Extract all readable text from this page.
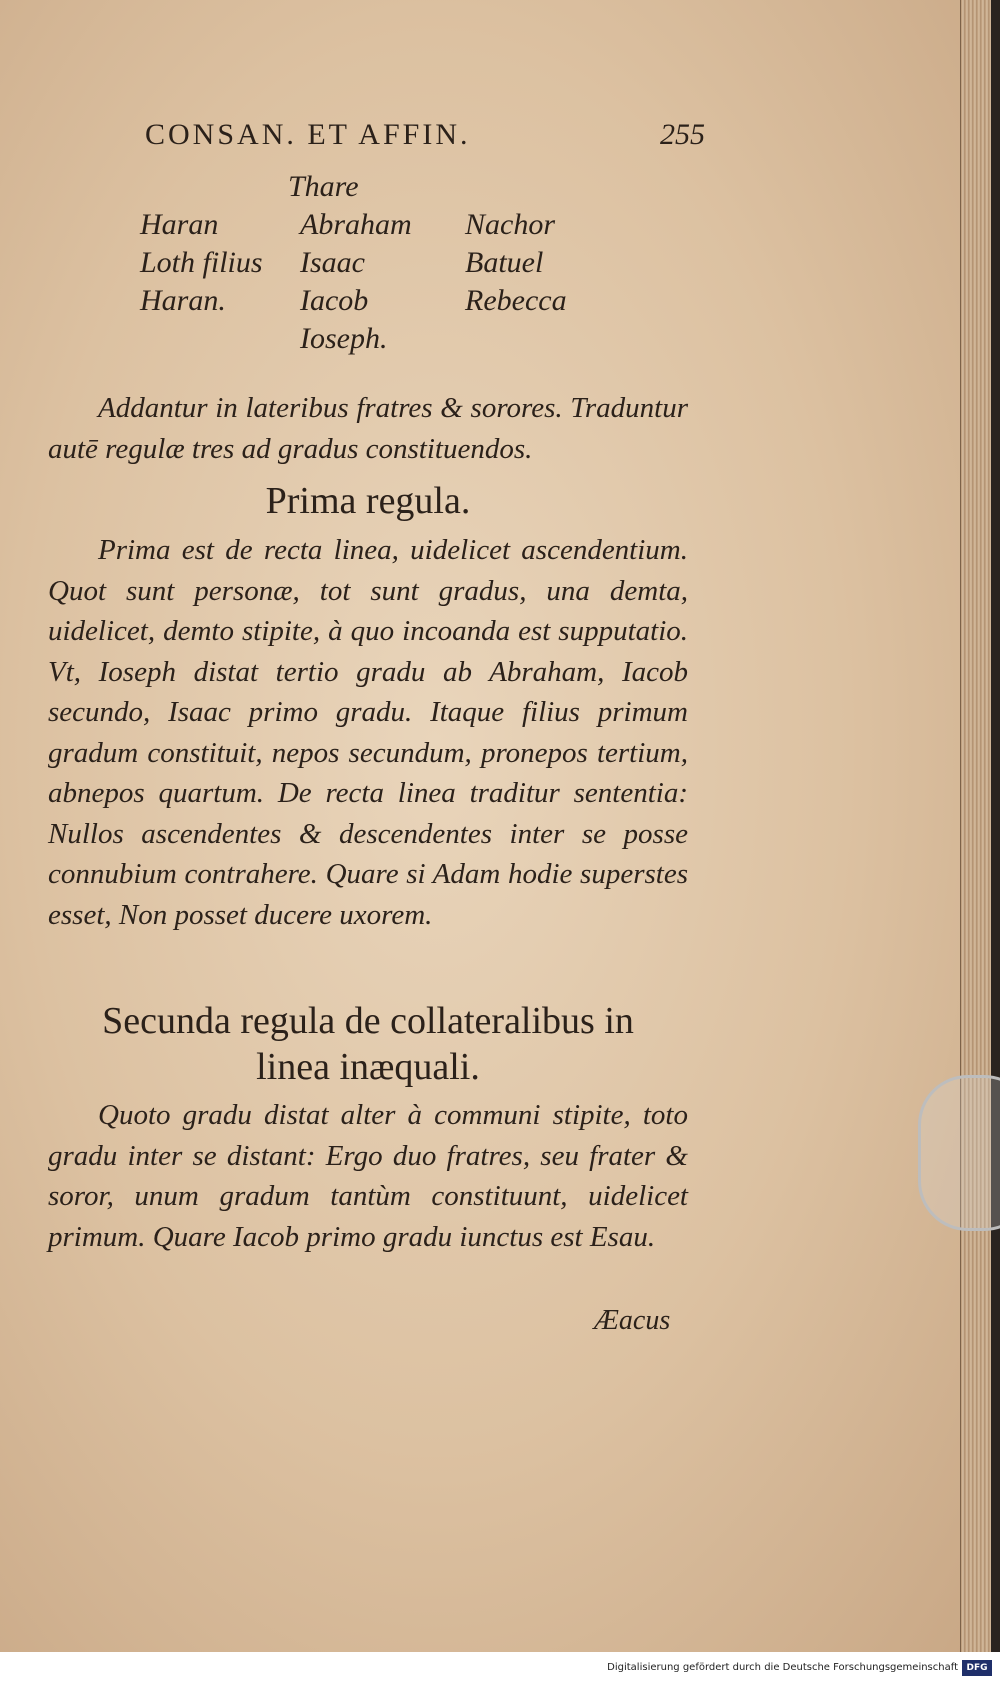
CONSAN. ET AFFIN.	255
Thare
Haran
Loth filius
Haran.
Abraham
Isaac
Iacob
Ioseph.
Nachor
Batuel
Rebecca

Addantur in lateribus fratres & sorores. Traduntur autē regulæ tres ad gradus constituendos.

Prima regula.

Prima est de recta linea, uidelicet ascendentium. Quot sunt personæ, tot sunt gradus, una demta, uidelicet, demto stipite, à quo incoanda est supputatio. Vt, Ioseph distat tertio gradu ab Abraham, Iacob secundo, Isaac primo gradu. Itaque filius primum gradum constituit, nepos secundum, pronepos tertium, abnepos quartum. De recta linea traditur sententia: Nullos ascendentes & descendentes inter se posse connubium contrahere. Quare si Adam hodie superstes esset, Non posset ducere uxorem.

Secunda regula de collateralibus in
linea inæquali.

Quoto gradu distat alter à communi stipite, toto gradu inter se distant: Ergo duo fratres, seu frater & soror, unum gradum tantùm constituunt, uidelicet primum. Quare Iacob primo gradu iunctus est Esau.

Æacus
Digitalisierung gefördert durch die Deutsche Forschungsgemeinschaft DFG
